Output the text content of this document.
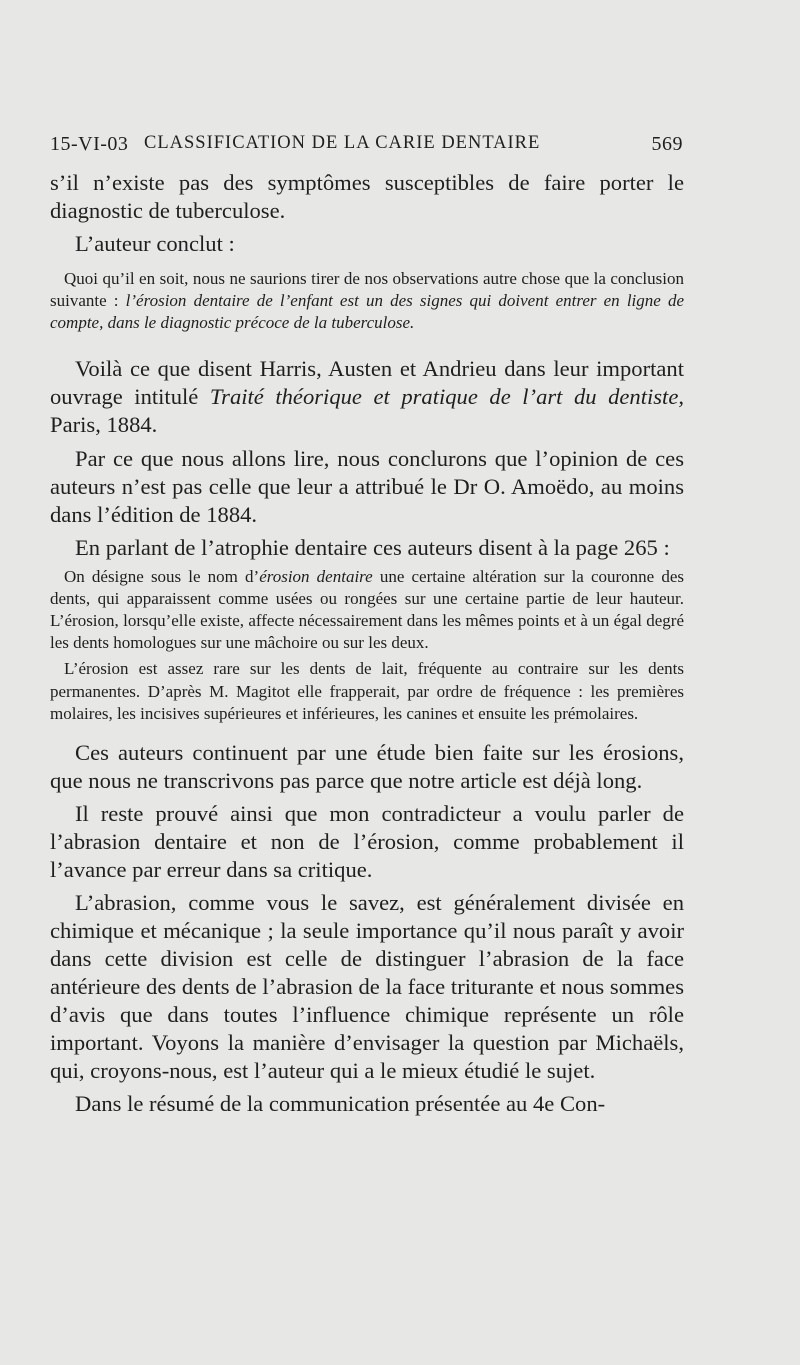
15-VI-03 CLASSIFICATION DE LA CARIE DENTAIRE	569

s’il n’existe pas des symptômes susceptibles de faire porter le diagnostic de tuberculose.

L’auteur conclut :

Quoi qu’il en soit, nous ne saurions tirer de nos observations autre chose que la conclusion suivante : l’érosion dentaire de l’enfant est un des signes qui doivent entrer en ligne de compte, dans le diagnostic précoce de la tuberculose.

Voilà ce que disent Harris, Austen et Andrieu dans leur important ouvrage intitulé Traité théorique et pratique de l’art du dentiste, Paris, 1884.

Par ce que nous allons lire, nous conclurons que l’opinion de ces auteurs n’est pas celle que leur a attribué le Dr O. Amoëdo, au moins dans l’édition de 1884.

En parlant de l’atrophie dentaire ces auteurs disent à la page 265 :

On désigne sous le nom d’érosion dentaire une certaine altération sur la couronne des dents, qui apparaissent comme usées ou rongées sur une certaine partie de leur hauteur. L’érosion, lorsqu’elle existe, affecte nécessairement dans les mêmes points et à un égal degré les dents homologues sur une mâchoire ou sur les deux.

L’érosion est assez rare sur les dents de lait, fréquente au contraire sur les dents permanentes. D’après M. Magitot elle frapperait, par ordre de fréquence : les premières molaires, les incisives supérieures et inférieures, les canines et ensuite les prémolaires.

Ces auteurs continuent par une étude bien faite sur les érosions, que nous ne transcrivons pas parce que notre article est déjà long.

Il reste prouvé ainsi que mon contradicteur a voulu parler de l’abrasion dentaire et non de l’érosion, comme probablement il l’avance par erreur dans sa critique.

L’abrasion, comme vous le savez, est généralement divisée en chimique et mécanique ; la seule importance qu’il nous paraît y avoir dans cette division est celle de distinguer l’abrasion de la face antérieure des dents de l’abrasion de la face triturante et nous sommes d’avis que dans toutes l’influence chimique représente un rôle important. Voyons la manière d’envisager la question par Michaëls, qui, croyons-nous, est l’auteur qui a le mieux étudié le sujet.

Dans le résumé de la communication présentée au 4e Con-
